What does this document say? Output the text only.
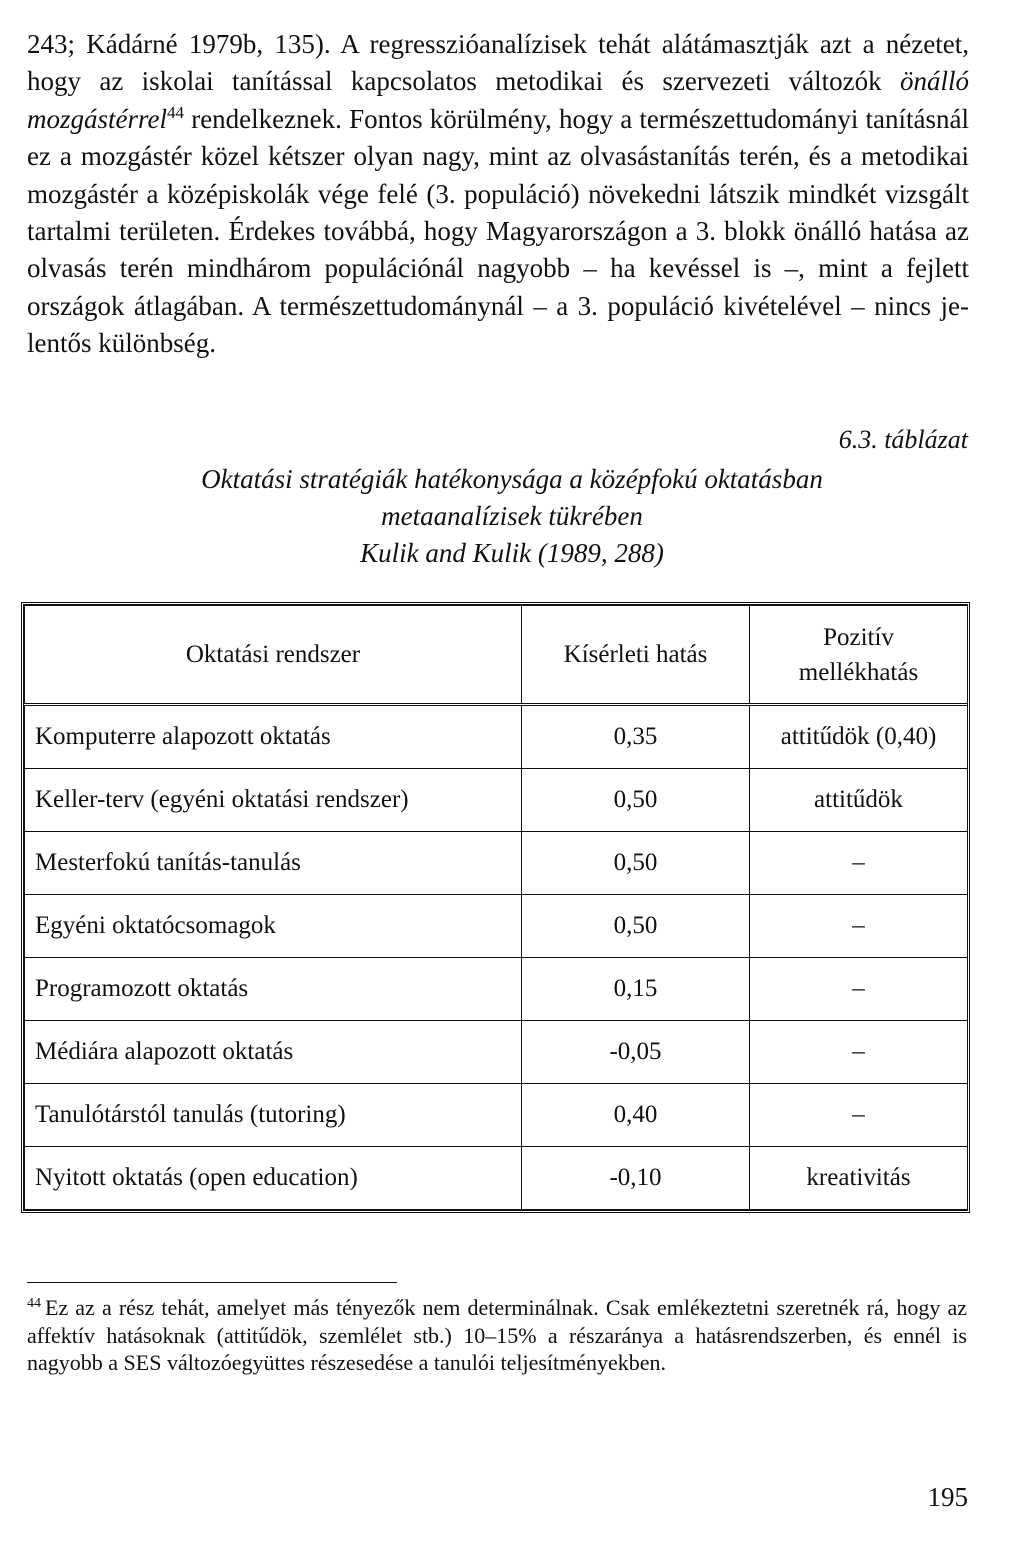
243; Kádárné 1979b, 135). A regresszióanalízisek tehát alátámasztják azt a nézetet, hogy az iskolai tanítással kapcsolatos metodikai és szervezeti változók önálló mozgástérrel$^{44}$ rendelkeznek. Fontos körülmény, hogy a természettudományi tanításnál ez a mozgástér közel kétszer olyan nagy, mint az olvasástanítás terén, és a metodikai mozgástér a középiskolák vége felé (3. populáció) növekedni látszik mindkét vizsgált tartalmi területen. Érdekes továbbá, hogy Magyarországon a 3. blokk önálló hatása az olvasás terén mindhárom populációnál nagyobb – ha kevéssel is –, mint a fejlett országok átlagában. A természettudománynál – a 3. populáció kivételével – nincs jelentős különbség.
6.3. táblázat
Oktatási stratégiák hatékonysága a középfokú oktatásban
metaanalízisek tükrében
Kulik and Kulik (1989, 288)
Oktatási rendszer	Kísérleti hatás	Pozitív
mellékhatás

Komputerre alapozott oktatás	0,35	attitűdök (0,40)
Keller-terv (egyéni oktatási rendszer)	0,50	attitűdök
Mesterfokú tanítás-tanulás	0,50	–
Egyéni oktatócsomagok	0,50	–
Programozott oktatás	0,15	–
Médiára alapozott oktatás	-0,05	–
Tanulótárstól tanulás (tutoring)	0,40	–
Nyitott oktatás (open education)	-0,10	kreativitás
$^{44}$ Ez az a rész tehát, amelyet más tényezők nem determinálnak. Csak emlékeztetni szeretnék rá, hogy az affektív hatásoknak (attitűdök, szemlélet stb.) 10–15% a részaránya a hatásrendszerben, és ennél is nagyobb a SES változóegyüttes részesedése a tanulói teljesítményekben.
195
